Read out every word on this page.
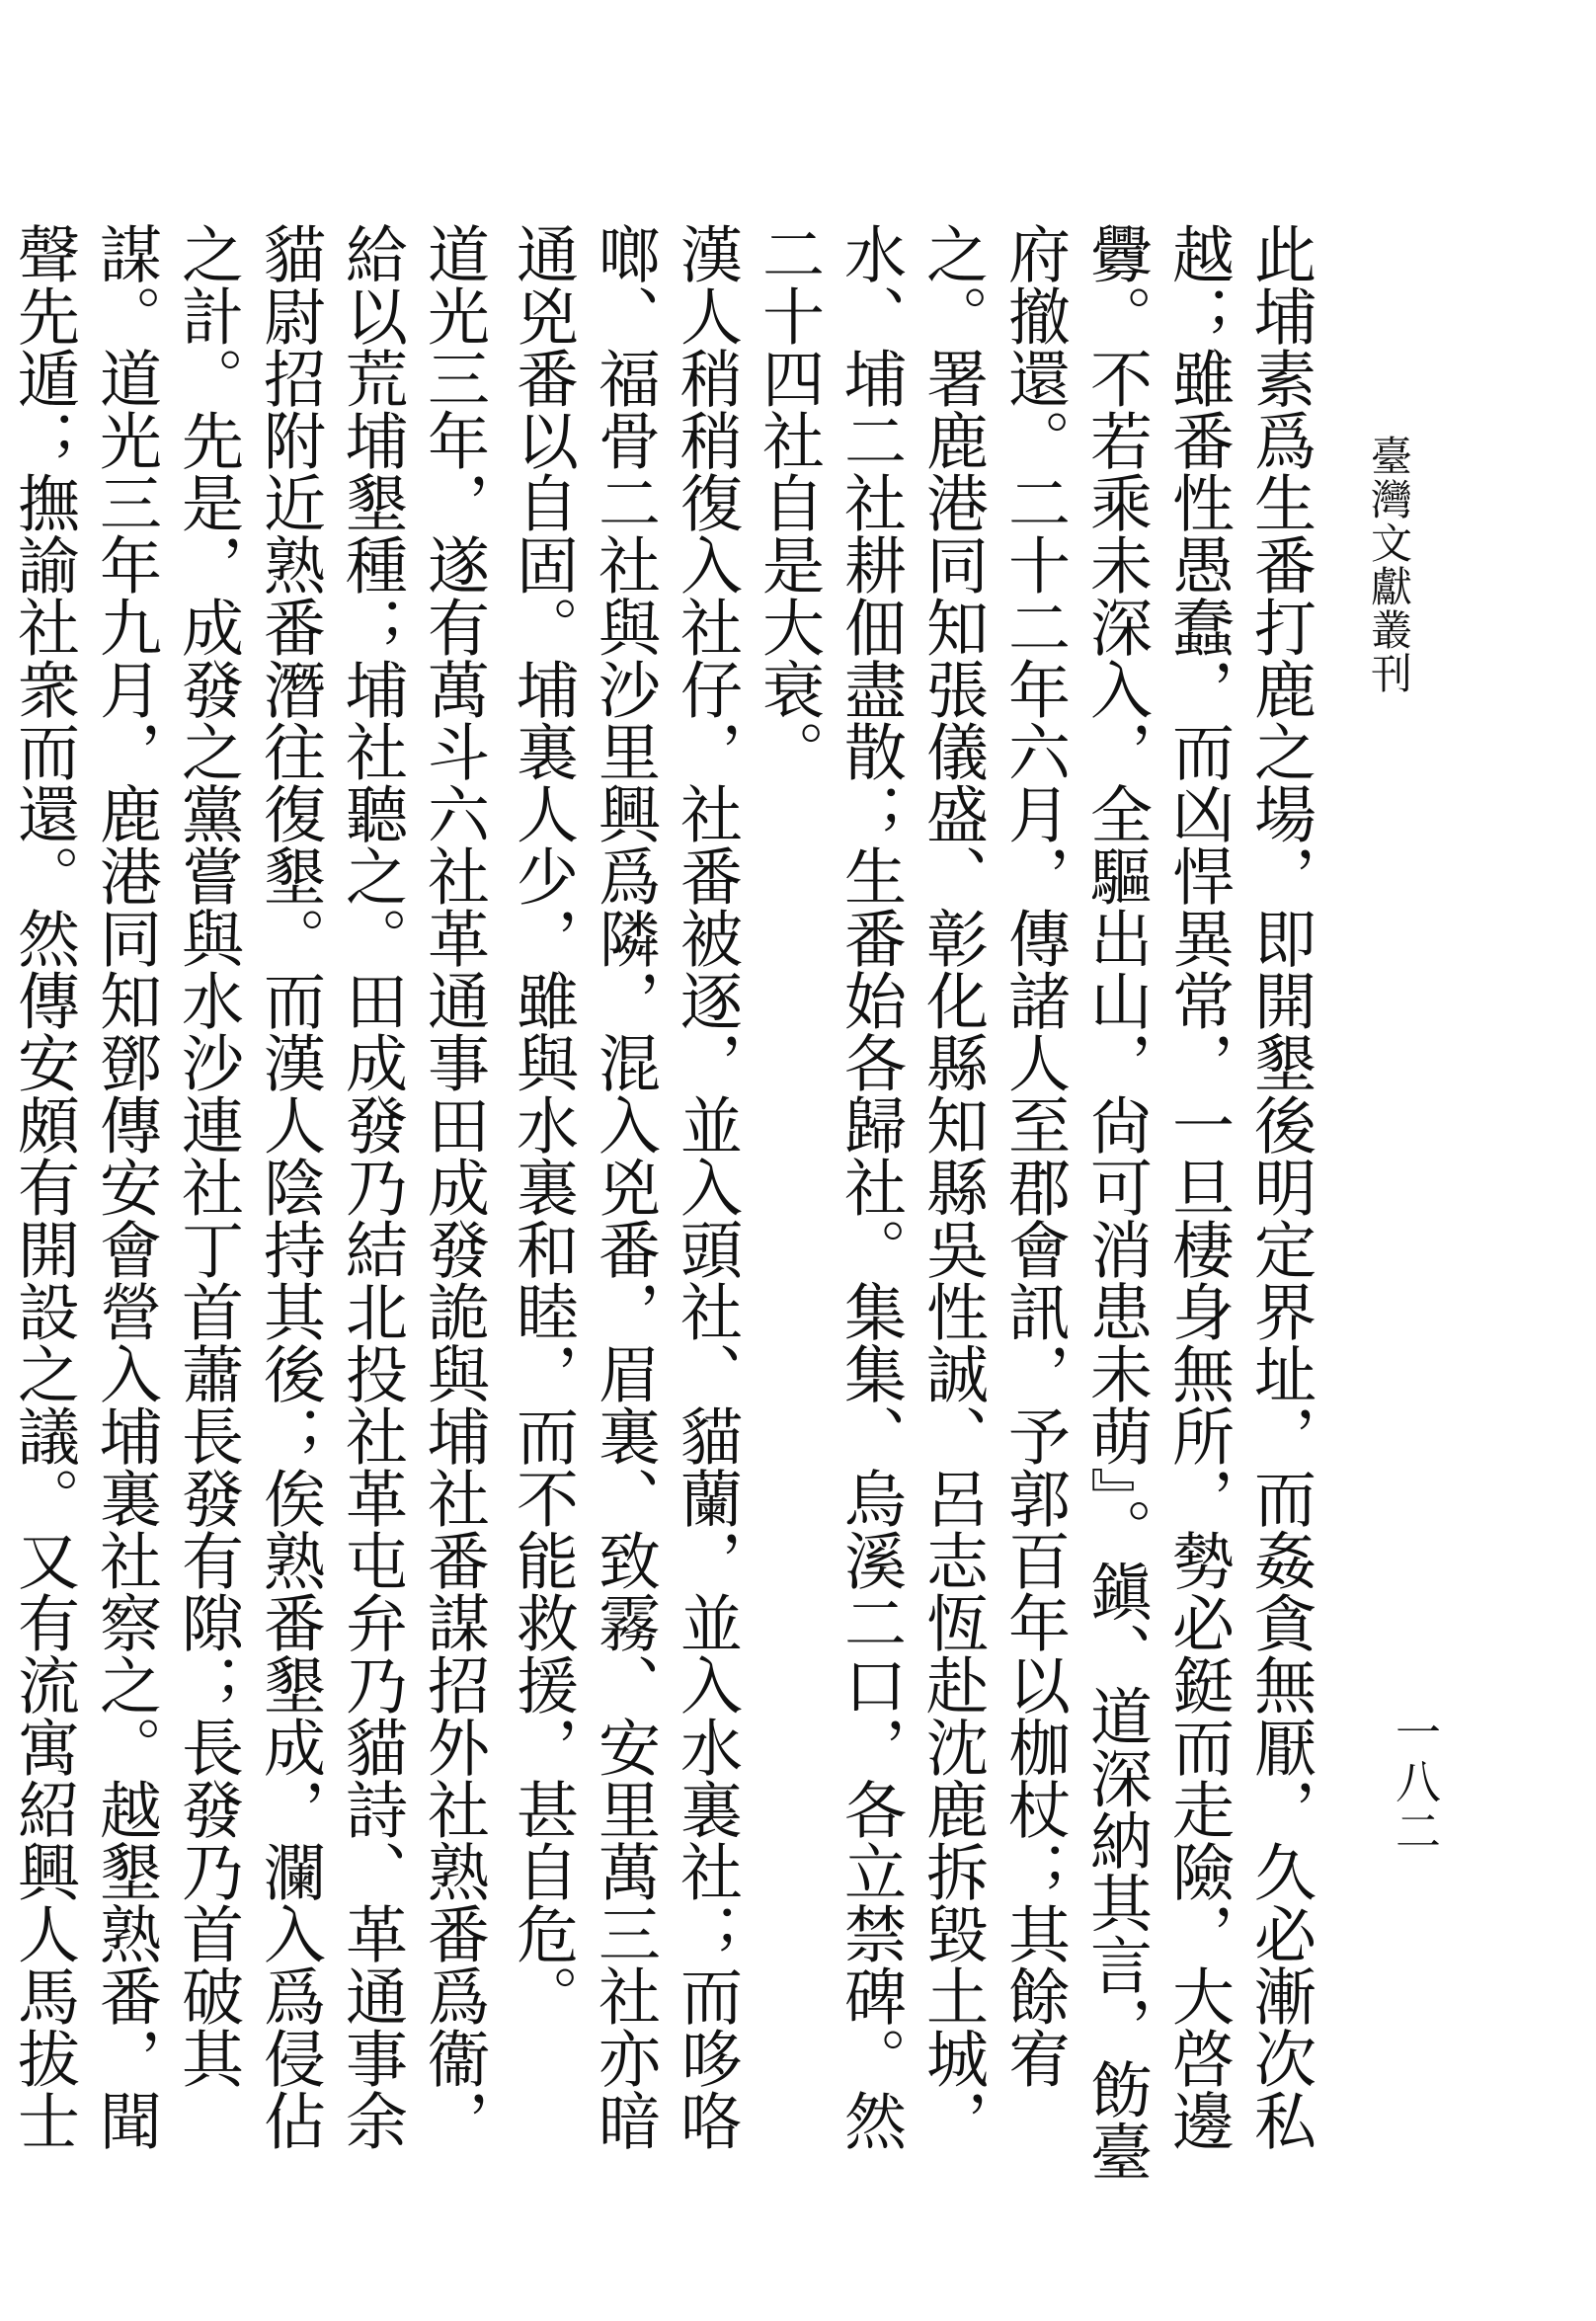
臺灣文獻叢刊
一八二

此埔素爲生番打鹿之場，即開墾後明定界址，而姦貪無厭，久必漸次私越；雖番性愚蠢，而凶悍異常，一旦棲身無所，勢必鋌而走險，大啓邊釁。不若乘未深入，全驅出山，尙可消患未萌』。鎭、道深納其言，飭臺府撤還。二十二年六月，傳諸人至郡會訊，予郭百年以枷杖；其餘宥之。署鹿港同知張儀盛、彰化縣知縣吳性誠、呂志恆赴沈鹿拆毀土城，水、埔二社耕佃盡散；生番始各歸社。集集、烏溪二口，各立禁碑。然二十四社自是大衰。

漢人稍稍復入社仔，社番被逐，並入頭社、貓蘭，並入水裏社；而哆咯啷、福骨二社與沙里興爲隣，混入兇番，眉裏、致霧、安里萬三社亦暗通兇番以自固。埔裏人少，雖與水裏和睦，而不能救援，甚自危。

道光三年，遂有萬斗六社革通事田成發詭與埔社番謀招外社熟番爲衞，給以荒埔墾種；埔社聽之。田成發乃結北投社革屯弁乃貓詩、革通事余貓尉招附近熟番潛往復墾。而漢人陰持其後；俟熟番墾成，瀾入爲侵佔之計。先是，成發之黨嘗與水沙連社丁首蕭長發有隙；長發乃首破其謀。道光三年九月，鹿港同知鄧傳安會營入埔裏社察之。越墾熟番，聞聲先遁；撫諭社衆而還。然傳安頗有開設之議。又有流寓紹興人馬拔士
